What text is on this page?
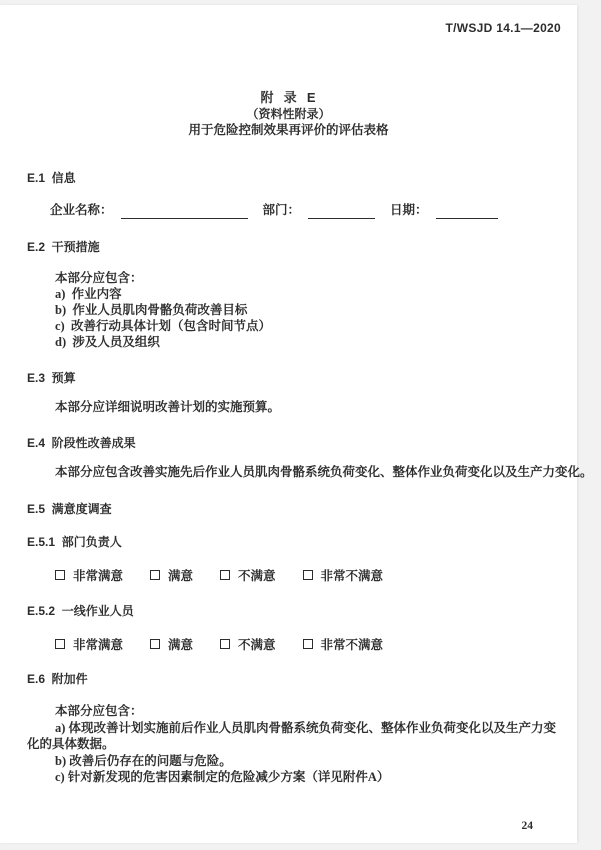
T/WSJD 14.1—2020
附  录  E
（资料性附录）
用于危险控制效果再评价的评估表格
E.1  信息
企业名称：	部门：	日期：
E.2  干预措施
本部分应包含：
a)  作业内容
b)  作业人员肌肉骨骼负荷改善目标
c)  改善行动具体计划（包含时间节点）
d)  涉及人员及组织
E.3  预算
本部分应详细说明改善计划的实施预算。
E.4  阶段性改善成果
本部分应包含改善实施先后作业人员肌肉骨骼系统负荷变化、整体作业负荷变化以及生产力变化。
E.5  满意度调查
E.5.1  部门负责人
非常满意	满意	不满意	非常不满意
E.5.2  一线作业人员
非常满意	满意	不满意	非常不满意
E.6  附加件
本部分应包含：
a) 体现改善计划实施前后作业人员肌肉骨骼系统负荷变化、整体作业负荷变化以及生产力变化的具体数据。
b) 改善后仍存在的问题与危险。
c) 针对新发现的危害因素制定的危险减少方案（详见附件A）
24
